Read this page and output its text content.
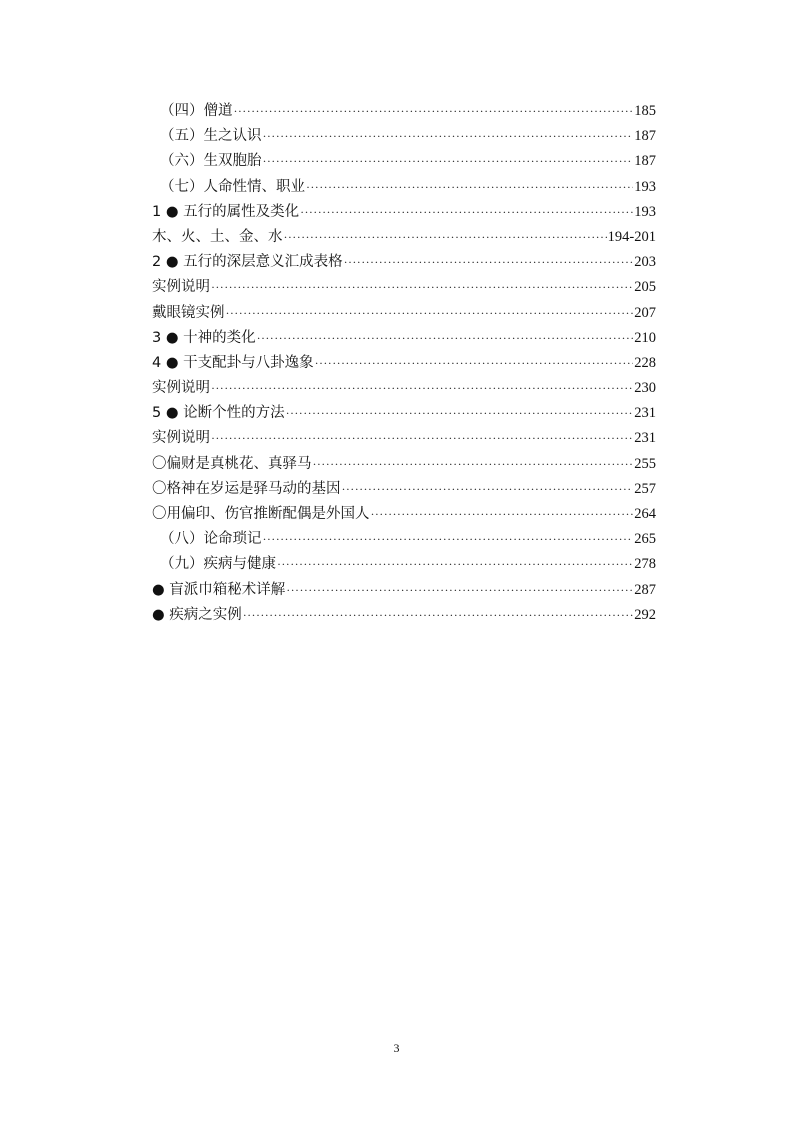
（四）僧道 ·····	185
（五）生之认识 ·····	187
（六）生双胞胎 ·····	187
（七）人命性情、职业 ·····	193
1 ● 五行的属性及类化 ·····	193
木、火、土、金、水 ·····	194-201
2 ● 五行的深层意义汇成表格 ·····	203
实例说明 ·····	205
戴眼镜实例 ·····	207
3 ● 十神的类化 ·····	210
4 ● 干支配卦与八卦逸象 ·····	228
实例说明 ·····	230
5 ● 论断个性的方法 ·····	231
实例说明 ·····	231
〇偏财是真桃花、真驿马 ·····	255
〇格神在岁运是驿马动的基因 ·····	257
〇用偏印、伤官推断配偶是外国人 ·····	264
（八）论命琐记 ·····	265
（九）疾病与健康 ·····	278
● 盲派巾箱秘术详解 ·····	287
● 疾病之实例 ·····	292
3
